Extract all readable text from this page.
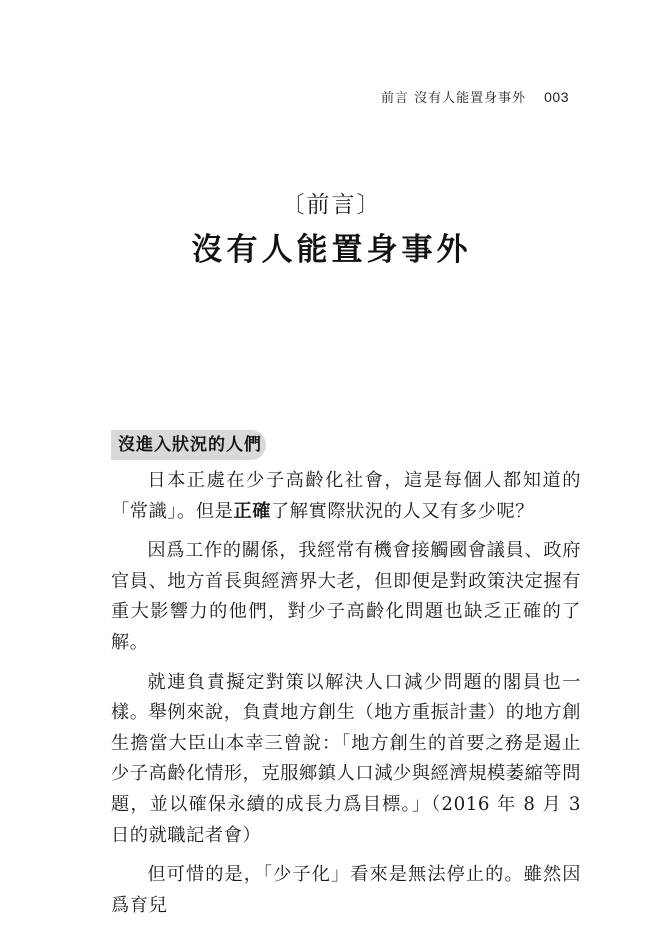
前言 沒有人能置身事外 003
〔前言〕
沒有人能置身事外
沒進入狀況的人們

日本正處在少子高齡化社會，這是每個人都知道的「常識」。但是正確了解實際狀況的人又有多少呢？

因爲工作的關係，我經常有機會接觸國會議員、政府官員、地方首長與經濟界大老，但即便是對政策決定握有重大影響力的他們，對少子高齡化問題也缺乏正確的了解。

就連負責擬定對策以解決人口減少問題的閣員也一樣。舉例來說，負責地方創生（地方重振計畫）的地方創生擔當大臣山本幸三曾說：「地方創生的首要之務是遏止少子高齡化情形，克服鄉鎮人口減少與經濟規模萎縮等問題，並以確保永續的成長力爲目標。」（2016 年 8 月 3 日的就職記者會）

但可惜的是，「少子化」看來是無法停止的。雖然因爲育兒
